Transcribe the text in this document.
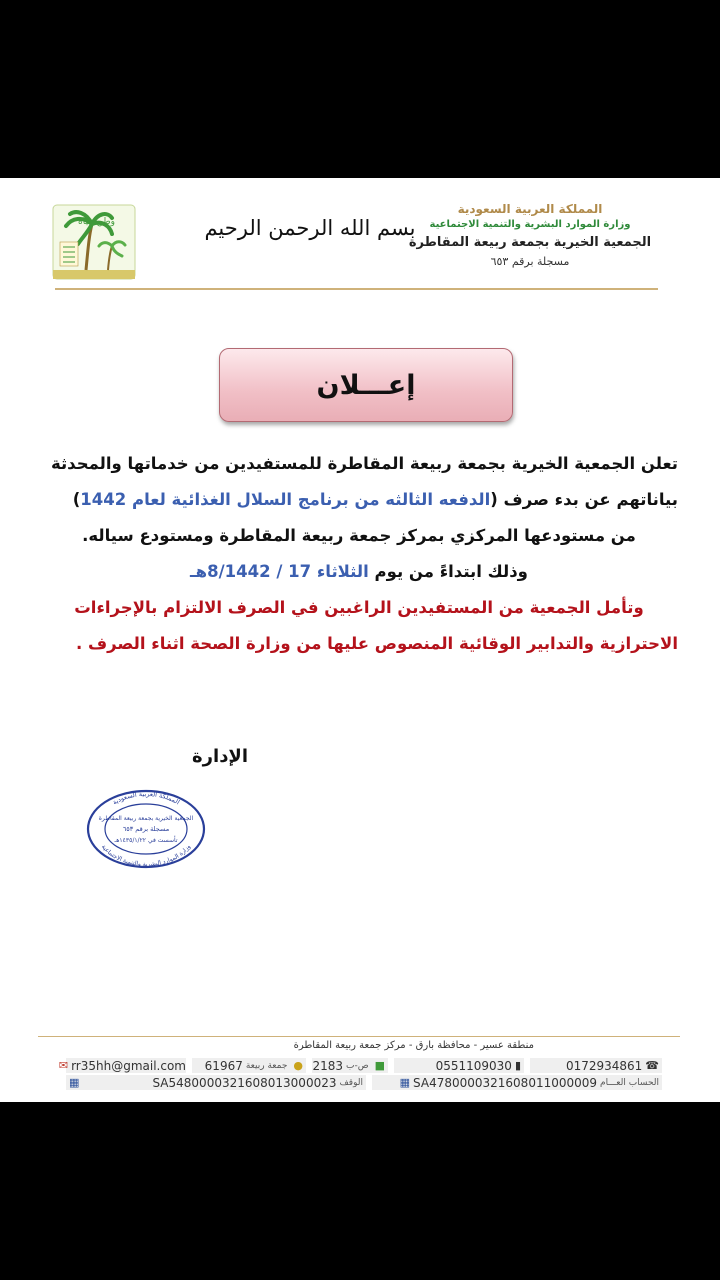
المملكة العربية السعودية
وزارة الموارد البشرية والتنمية الاجتماعية
الجمعية الخيرية بجمعة ربيعة المقاطرة
مسجلة برقم ٦٥٣
بسم الله الرحمن الرحيم
وطن حياة
إعـــلان
تعلن الجمعية الخيرية بجمعة ربيعة المقاطرة للمستفيدين من خدماتها والمحدثة
بياناتهم عن بدء صرف (الدفعه الثالثه من برنامج السلال الغذائية لعام 1442)
من مستودعها المركزي بمركز جمعة ربيعة المقاطرة ومستودع سياله.
وذلك ابتداءً من يوم الثلاثاء 17 / 8/1442هـ
وتأمل الجمعية من المستفيدين الراغبين في الصرف الالتزام بالإجراءات
الاحترازية والتدابير الوقائية المنصوص عليها من وزارة الصحة اثناء الصرف .
الإدارة
المملكة العربية السعودية
وزارة الموارد البشرية والتنمية الاجتماعية
الجمعية الخيرية بجمعة ربيعة المقاطرة
مسجلة برقم ٦٥٣
تأسست في ١٤٣٥/١/٢٢هـ
منطقة عسير - محافظة بارق - مركز جمعة ربيعة المقاطرة
☎
0172934861
▮
0551109030
■
ص-ب
2183
●
جمعة ربيعة
61967
rr35hh@gmail.com
✉
الحساب العـــام
SA4780000321608011000009
▦
الوقف
SA5480000321608013000023
▦
